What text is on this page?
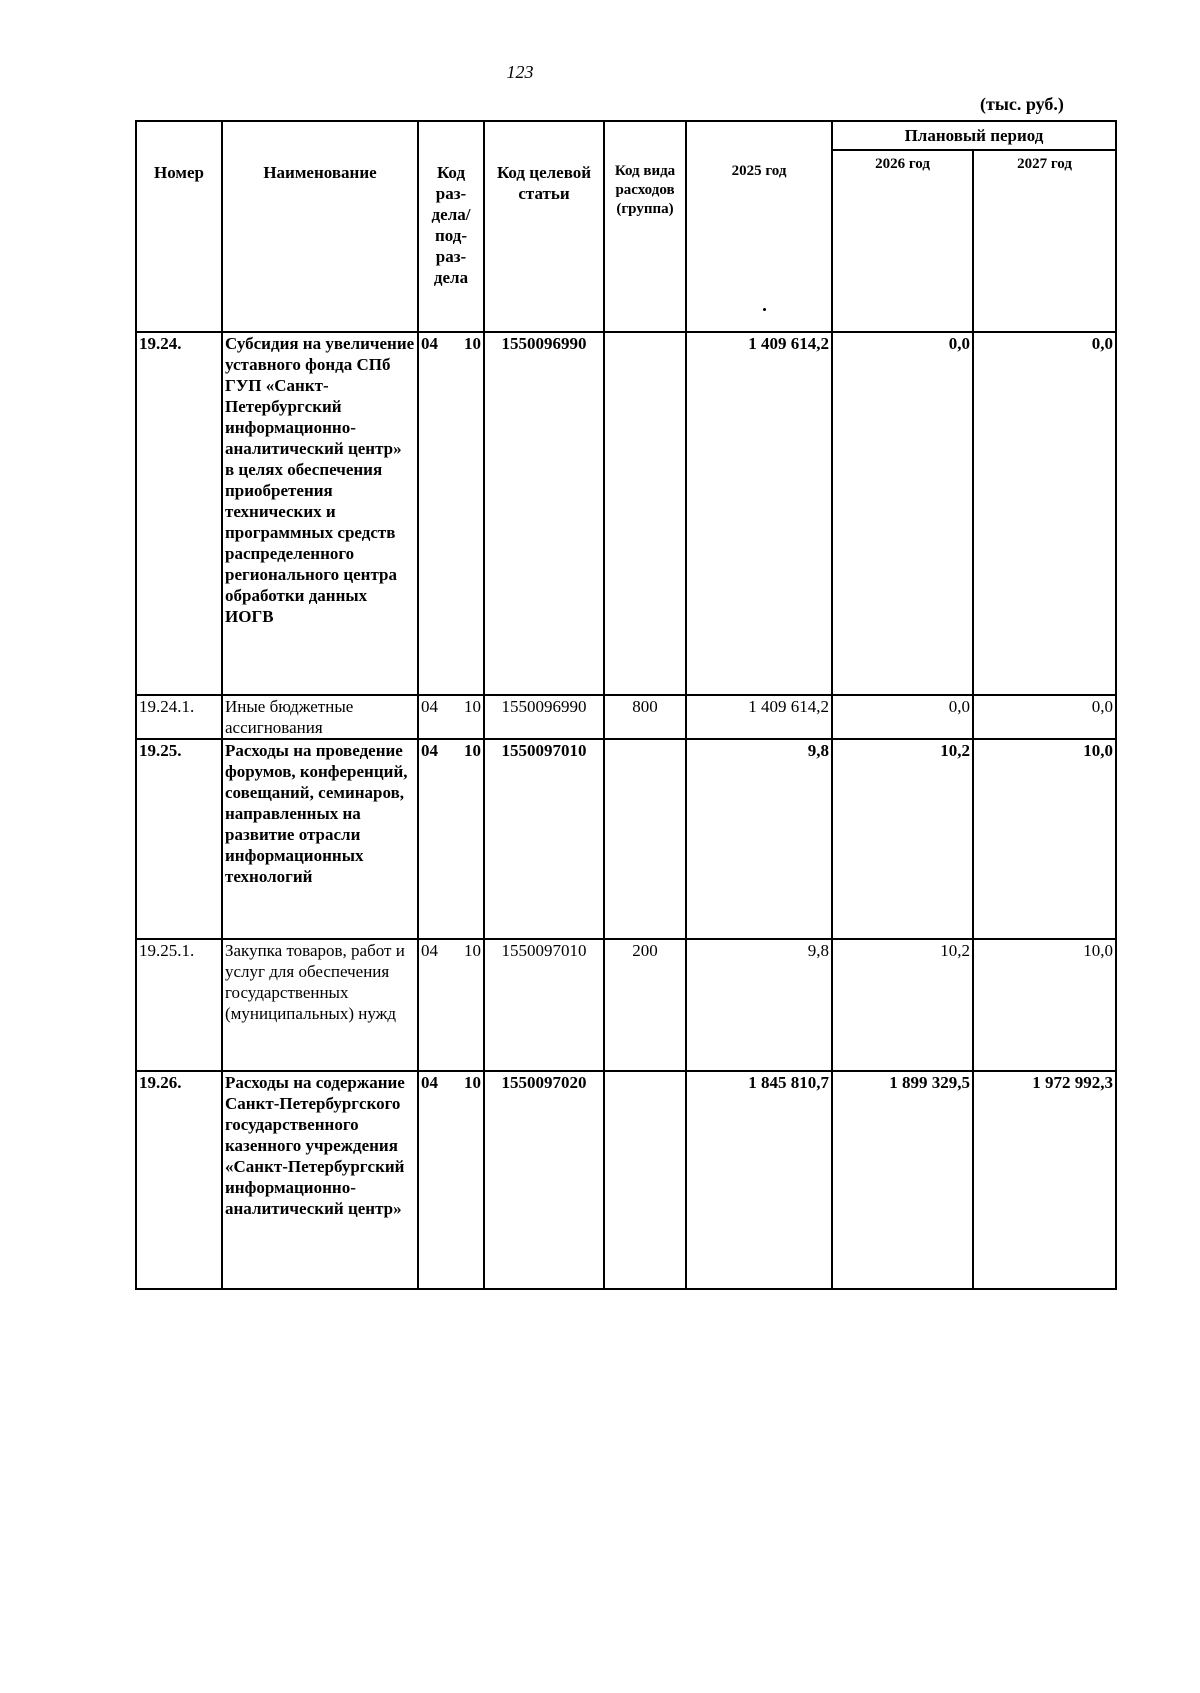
123
(тыс. руб.)
Номер	Наименование	Код раз- дела/ под- раз- дела	Код целевой статьи	Код вида расходов (группа)	2025 год	Плановый период	
						2026 год	2027 год
19.24.	Субсидия на увеличение уставного фонда СПб ГУП «Санкт-Петербургский информационно-аналитический центр» в целях обеспечения приобретения технических и программных средств распределенного регионального центра обработки данных ИОГВ	04 10	1550096990		1 409 614,2	0,0	0,0
19.24.1.	Иные бюджетные ассигнования	04 10	1550096990	800	1 409 614,2	0,0	0,0
19.25.	Расходы на проведение форумов, конференций, совещаний, семинаров, направленных на развитие отрасли информационных технологий	04 10	1550097010		9,8	10,2	10,0
19.25.1.	Закупка товаров, работ и услуг для обеспечения государственных (муниципальных) нужд	04 10	1550097010	200	9,8	10,2	10,0
19.26.	Расходы на содержание Санкт-Петербургского государственного казенного учреждения «Санкт-Петербургский информационно-аналитический центр»	04 10	1550097020		1 845 810,7	1 899 329,5	1 972 992,3
